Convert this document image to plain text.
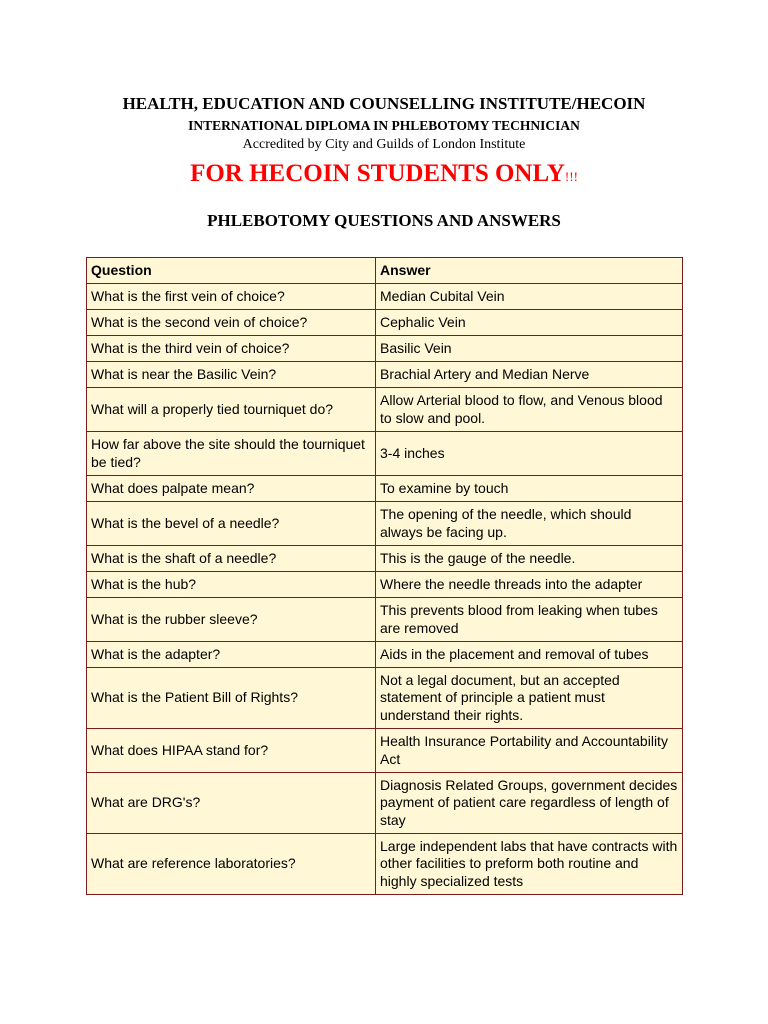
HEALTH, EDUCATION AND COUNSELLING INSTITUTE/HECOIN
INTERNATIONAL DIPLOMA IN PHLEBOTOMY TECHNICIAN
Accredited by City and Guilds of London Institute
FOR HECOIN STUDENTS ONLY!!!
PHLEBOTOMY QUESTIONS AND ANSWERS
Question	Answer
What is the first vein of choice?	Median Cubital Vein
What is the second vein of choice?	Cephalic Vein
What is the third vein of choice?	Basilic Vein
What is near the Basilic Vein?	Brachial Artery and Median Nerve
What will a properly tied tourniquet do?	Allow Arterial blood to flow, and Venous blood to slow and pool.
How far above the site should the tourniquet be tied?	3-4 inches
What does palpate mean?	To examine by touch
What is the bevel of a needle?	The opening of the needle, which should always be facing up.
What is the shaft of a needle?	This is the gauge of the needle.
What is the hub?	Where the needle threads into the adapter
What is the rubber sleeve?	This prevents blood from leaking when tubes are removed
What is the adapter?	Aids in the placement and removal of tubes
What is the Patient Bill of Rights?	Not a legal document, but an accepted statement of principle a patient must understand their rights.
What does HIPAA stand for?	Health Insurance Portability and Accountability Act
What are DRG's?	Diagnosis Related Groups, government decides payment of patient care regardless of length of stay
What are reference laboratories?	Large independent labs that have contracts with other facilities to preform both routine and highly specialized tests
